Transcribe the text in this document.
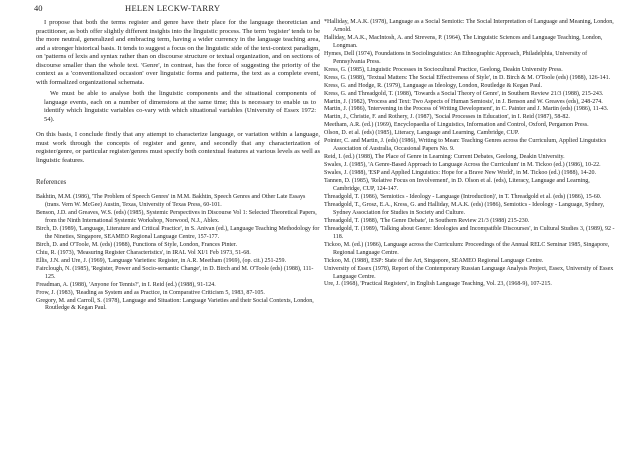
40	HELEN LECKW-TARRY

I propose that both the terms register and genre have their place for the language theoretician and practitioner, as both offer slightly different insights into the linguistic process. The term 'register' tends to be the more neutral, generalized and embracing term, having a wider currency in the language teaching area, and a stronger historical basis. It tends to suggest a focus on the linguistic side of the text-context paradigm, on 'patterns of lexis and syntax rather than on discourse structure or textual organization, and on sections of discourse smaller than the whole text. 'Genre', in contrast, has the force of suggesting the priority of the context as a 'conventionalized occasion' over linguistic forms and patterns, the text as a complete event, with formalized organizational schemata.

We must be able to analyse both the linguistic components and the situational components of language events, each on a number of dimensions at the same time; this is necessary to enable us to identify which linguistic variables co-vary with which situational variables (University of Essex 1972: 54).

On this basis, I conclude firstly that any attempt to characterize language, or variation within a language, must work through the concepts of register and genre, and secondly that any characterization of register/genre, or particular register/genres must specify both contextual features at various levels as well as linguistic features.

References

Bakhtin, M.M. (1986), 'The Problem of Speech Genres' in M.M. Bakhtin, Speech Genres and Other Late Essays (trans. Vern W. McGee) Austin, Texas, University of Texas Press, 60-101.

Benson, J.D. and Greaves, W.S. (eds) (1985), Systemic Perspectives in Discourse Vol 1: Selected Theoretical Papers, from the Ninth International Systemic Workshop, Norwood, N.J., Ablex.

Birch, D. (1989), 'Language, Literature and Critical Practice', in S. Anivan (ed.), Language Teaching Methodology for the Nineties, Singapore, SEAMEO Regional Language Centre, 157-177.

Birch, D. and O'Toole, M. (eds) (1988), Functions of Style, London, Frances Pinter.

Chiu, R. (1973), 'Measuring Register Characteristics', in IRAL Vol XI/1 Feb 1973, 51-68.

Ellis, J.N. and Ure, J. (1969), 'Language Varieties: Register, in A.R. Meetham (1969), (op. cit.) 251-259.

Fairclough, N. (1985), 'Register, Power and Socio-semantic Change', in D. Birch and M. O'Toole (eds) (1988), 111-125.

Freadman, A. (1988), 'Anyone for Tennis?', in I. Reid (ed.) (1988), 91-124.

Frow, J. (1983), 'Reading as System and as Practice, in Comparative Criticism 5, 1983, 87-105.

Gregory, M. and Carroll, S. (1978), Language and Situation: Language Varieties and their Social Contexts, London, Routledge & Kegan Paul.

*Halliday, M.A.K. (1978), Language as a Social Semiotic: The Social Interpretation of Language and Meaning, London, Arnold.

Halliday, M.A.K., MacIntosh, A. and Strevens, P. (1964), The Linguistic Sciences and Language Teaching, London, Longman.

Hymes, Dell (1974), Foundations in Sociolinguistics: An Ethnographic Approach, Philadelphia, University of Pennsylvania Press.

Kress, G. (1985), Linguistic Processes in Sociocultural Practice, Geelong, Deakin University Press.

Kress, G. (1988), 'Textual Matters: The Social Effectiveness of Style', in D. Birch & M. O'Toole (eds) (1988), 126-141.

Kress, G. and Hodge, R. (1979), Language as Ideology, London, Routledge & Kegan Paul.

Kress, G. and Threadgold, T. (1988), 'Towards a Social Theory of Genre', in Southern Review 21/3 (1988), 215-243.

Martin, J. (1982), 'Process and Text: Two Aspects of Human Semiosis', in J. Benson and W. Greaves (eds), 248-274.

Martin, J. (1986), 'Intervening in the Process of Writing Development', in C. Painter and J. Martin (eds) (1986), 11-43.

Martin, J., Christie, F. and Rothery, J. (1987), 'Social Processes in Education', in I. Reid (1987), 58-82.

Meetham, A.R. (ed.) (1969), Encyclopaedia of Linguistics, Information and Control, Oxford, Pergamon Press.

Olson, D. et al. (eds) (1985), Literacy, Language and Learning, Cambridge, CUP.

Pointer, C. and Martin, J. (eds) (1986), Writing to Mean: Teaching Genres across the Curriculum, Applied Linguistics Association of Australia, Occasional Papers No. 9.

Reid, I. (ed.) (1988), The Place of Genre in Learning: Current Debates, Geelong, Deakin University.

Swales, J. (1985), 'A Genre-Based Approach to Language Across the Curriculum' in M. Tickoo (ed.) (1986), 10-22.

Swales, J. (1988), 'ESP and Applied Linguistics: Hope for a Brave New World', in M. Tickoo (ed.) (1988), 14-20.

Tannen, D. (1985), 'Relative Focus on Involvement', in D. Olson et al. (eds), Literacy, Language and Learning, Cambridge, CUP, 124-147.

Threadgold, T. (1986), 'Semiotics - Ideology - Language (Introduction)', in T. Threadgold et al. (eds) (1986), 15-60.

Threadgold, T., Grosz, E.A., Kress, G. and Halliday, M.A.K. (eds) (1986), Semiotics - Ideology - Language, Sydney, Sydney Association for Studies in Society and Culture.

Threadgold, T. (1988), 'The Genre Debate', in Southern Review 21/3 (1988) 215-230.

Threadgold, T. (1989), 'Talking about Genre: Ideologies and Incompatible Discourses', in Cultural Studies 3, (1989), 92 - 118.

Tickoo, M. (ed.) (1986), Language across the Curriculum: Proceedings of the Annual RELC Seminar 1985, Singapore, Regional Language Centre.

Tickoo, M. (1988), ESP: State of the Art, Singapore, SEAMEO Regional Language Centre.

University of Essex (1978), Report of the Contemporary Russian Language Analysis Project, Essex, University of Essex Language Centre.

Ure, J. (1968), 'Practical Registers', in English Language Teaching, Vol. 23, (1968-9), 107-215.
